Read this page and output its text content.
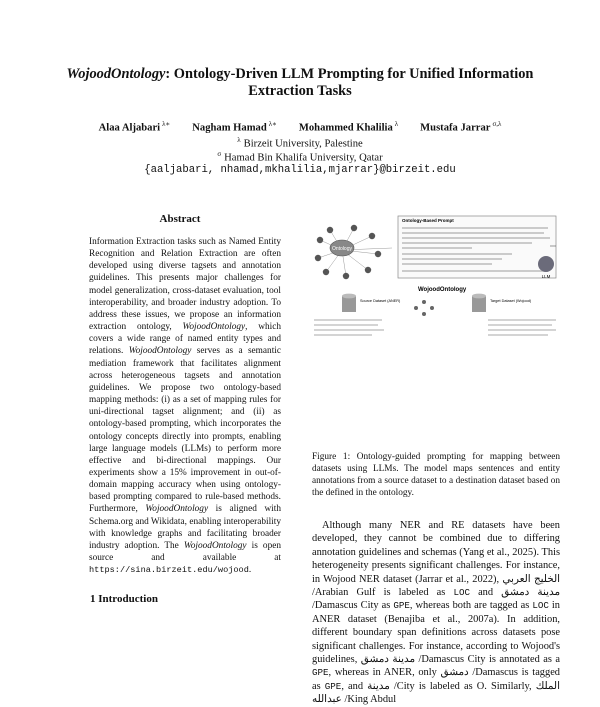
WojoodOntology: Ontology-Driven LLM Prompting for Unified Information Extraction Tasks
Alaa Aljabari $^{\lambda∗}$ Nagham Hamad $^{\lambda∗}$ Mohammed Khalilia $^\lambda$ Mustafa Jarrar $^{\sigma,\lambda}$
$^\lambda$ Birzeit University, Palestine
$^\sigma$ Hamad Bin Khalifa University, Qatar
{aaljabari, nhamad,mkhalilia,mjarrar}@birzeit.edu
Abstract
Information Extraction tasks such as Named Entity Recognition and Relation Extraction are often developed using diverse tagsets and annotation guidelines. This presents major challenges for model generalization, cross-dataset evaluation, tool interoperability, and broader industry adoption. To address these issues, we propose an information extraction ontology, WojoodOntology, which covers a wide range of named entity types and relations. WojoodOntology serves as a semantic mediation framework that facilitates alignment across heterogeneous tagsets and annotation guidelines. We propose two ontology-based mapping methods: (i) as a set of mapping rules for uni-directional tagset alignment; and (ii) as ontology-based prompting, which incorporates the ontology concepts directly into prompts, enabling large language models (LLMs) to perform more effective and bi-directional mappings. Our experiments show a 15% improvement in out-of-domain mapping accuracy when using ontology-based prompting compared to rule-based methods. Furthermore, WojoodOntology is aligned with Schema.org and Wikidata, enabling interoperability with knowledge graphs and facilitating broader industry adoption. The WojoodOntology is open source and available at https://sina.birzeit.edu/wojood.
Ontology-Based Prompt
Ontology
LLM
WojoodOntology
Source Dataset (ANER)	Target Dataset (Wojood)
Figure 1: Ontology-guided prompting for mapping between datasets using LLMs. The model maps sentences and entity annotations from a source dataset to a destination dataset based on the defined in the ontology.
Although many NER and RE datasets have been developed, they cannot be combined due to differing annotation guidelines and schemas (Yang et al., 2025). This heterogeneity presents significant challenges. For instance, in Wojood NER dataset (Jarrar et al., 2022), الخليج العربي /Arabian Gulf is labeled as LOC and مدينة دمشق /Damascus City as GPE, whereas both are tagged as LOC in ANER dataset (Benajiba et al., 2007a). In addition, different boundary span definitions across datasets pose significant challenges. For instance, according to Wojood's guidelines, مدينة دمشق /Damascus City is annotated as a GPE, whereas in ANER, only دمشق /Damascus is tagged as GPE, and مدينة /City is labeled as O. Similarly, الملك عبدالله /King Abdul
1 Introduction
